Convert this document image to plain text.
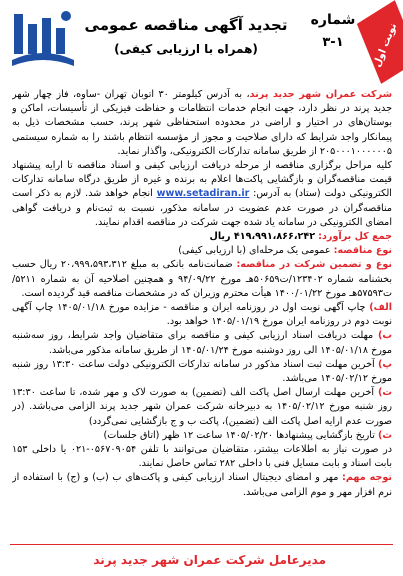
تجدید آگهی مناقصه عمومی
(همراه با ارزیابی کیفی)
شماره
۳-۱	نوبت اول

شرکت عمران شهر جدید پرند، به آدرس کیلومتر ۳۰ اتوبان تهران -ساوه، فاز چهار شهر جدید پرند در نظر دارد، جهت انجام خدمات انتظامات و حفاظت فیزیکی از تأسیسات، اماکن و بوستان‌های در اختیار و اراضی در محدوده استحفاظی شهر پرند، حسب مشخصات ذیل به پیمانکار واجد شرایط که دارای صلاحیت و مجوز از مؤسسه انتظام باشند را به شماره سیستمی ۲۰۵۰۰۰۱۰۰۰۰۰۰۵ از طریق سامانه تدارکات الکترونیکی، واگذار نماید.

کلیه مراحل برگزاری مناقصه از مرحله دریافت ارزیابی کیفی و اسناد مناقصه تا ارایه پیشنهاد قیمت مناقصه‌گران و بازگشایی پاکت‌ها اعلام به برنده و غیره از طریق درگاه سامانه تدارکات الکترونیکی دولت (ستاد) به آدرس: www.setadiran.ir انجام خواهد شد. لازم به ذکر است مناقصه‌گران در صورت عدم عضویت در سامانه مذکور، نسبت به ثبت‌نام و دریافت گواهی امضای الکترونیکی در سامانه یاد شده جهت شرکت در مناقصه اقدام نمایند.

جمع کل برآورد: ۴۱۹،۹۹۱،۸۶۶،۲۴۲ ریال

نوع مناقصه: عمومی یک مرحله‌ای (با ارزیابی کیفی)

نوع و تضمین شرکت در مناقصه: ضمانت‌نامه بانکی به مبلغ ۲۰،۹۹۹،۵۹۳،۳۱۲ ریال حسب بخشنامه شماره ۱۲۳۴۰۲/ت۵۰۶۵۹هـ مورخ ۹۴/۰۹/۲۲ و همچنین اصلاحیه آن به شماره ۵۲۱۱/ت۵۷۵۹۳هـ مورخ ۱۴۰۰/۰۱/۲۲ هیأت محترم وزیران که در مشخصات مناقصه قید گردیده است.

الف) چاپ آگهی نوبت اول در روزنامه ایران و مناقصه - مزایده مورخ ۱۴۰۵/۰۱/۱۸ چاپ آگهی نوبت دوم در روزنامه ایران مورخ ۱۴۰۵/۰۱/۱۹ خواهد بود.

ب) مهلت دریافت اسناد ارزیابی کیفی و مناقصه برای متقاضیان واجد شرایط، روز سه‌شنبه مورخ ۱۴۰۵/۰۱/۱۸ الی روز دوشنبه مورخ ۱۴۰۵/۰۱/۲۴ از طریق سامانه مذکور می‌باشد.

پ) آخرین مهلت ثبت اسناد مذکور در سامانه تدارکات الکترونیکی دولت ساعت ۱۳:۳۰ روز شنبه مورخ ۱۴۰۵/۰۲/۱۲ می‌باشد.

ت) آخرین مهلت ارسال اصل پاکت الف (تضمین) به صورت لاک و مهر شده، تا ساعت ۱۳:۳۰ روز شنبه مورخ ۱۴۰۵/۰۲/۱۲ به دبیرخانه شرکت عمران شهر جدید پرند الزامی می‌باشد. (در صورت عدم ارایه اصل پاکت الف (تضمین)، پاکت ب و ج بازگشایی نمی‌گردد)

ث) تاریخ بازگشایی پیشنهادها ۱۴۰۵/۰۲/۲۰ ساعت ۱۲ ظهر (اتاق جلسات)

در صورت نیاز به اطلاعات بیشتر، متقاضیان می‌توانند با تلفن ۰۵۶۷۰۹۰۵۴-۰۲۱ یا داخلی ۱۵۳ بابت اسناد و بابت مسایل فنی با داخلی ۲۸۲ تماس حاصل نمایند.

توجه مهم: مهر و امضای دیجیتال اسناد ارزیابی کیفی و پاکت‌های ب (ب) و (ج) با استفاده از نرم افزار مهر و موم الزامی می‌باشد.

مدیرعامل شرکت عمران شهر جدید پرند
